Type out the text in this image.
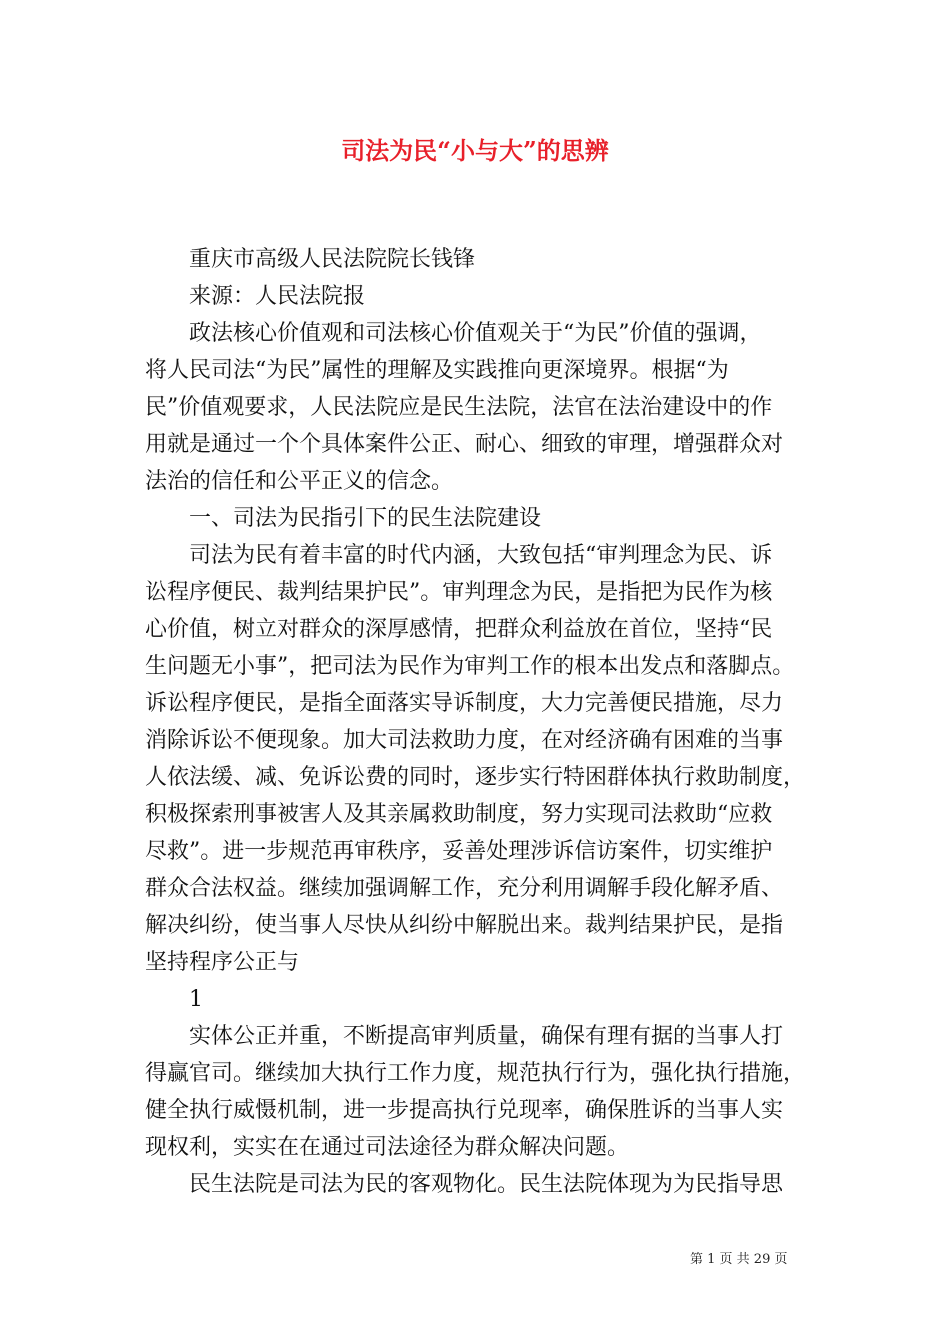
司法为民“小与大”的思辨
重庆市高级人民法院院长钱锋
来源：人民法院报
政法核心价值观和司法核心价值观关于“为民”价值的强调，
将人民司法“为民”属性的理解及实践推向更深境界。根据“为
民”价值观要求，人民法院应是民生法院，法官在法治建设中的作
用就是通过一个个具体案件公正、耐心、细致的审理，增强群众对
法治的信任和公平正义的信念。
一、司法为民指引下的民生法院建设
司法为民有着丰富的时代内涵，大致包括“审判理念为民、诉
讼程序便民、裁判结果护民”。审判理念为民，是指把为民作为核
心价值，树立对群众的深厚感情，把群众利益放在首位，坚持“民
生问题无小事”，把司法为民作为审判工作的根本出发点和落脚点。
诉讼程序便民，是指全面落实导诉制度，大力完善便民措施，尽力
消除诉讼不便现象。加大司法救助力度，在对经济确有困难的当事
人依法缓、减、免诉讼费的同时，逐步实行特困群体执行救助制度，
积极探索刑事被害人及其亲属救助制度，努力实现司法救助“应救
尽救”。进一步规范再审秩序，妥善处理涉诉信访案件，切实维护
群众合法权益。继续加强调解工作，充分利用调解手段化解矛盾、
解决纠纷，使当事人尽快从纠纷中解脱出来。裁判结果护民，是指
坚持程序公正与
1
实体公正并重，不断提高审判质量，确保有理有据的当事人打
得赢官司。继续加大执行工作力度，规范执行行为，强化执行措施，
健全执行威慑机制，进一步提高执行兑现率，确保胜诉的当事人实
现权利，实实在在通过司法途径为群众解决问题。
民生法院是司法为民的客观物化。民生法院体现为为民指导思
第 1 页 共 29 页
